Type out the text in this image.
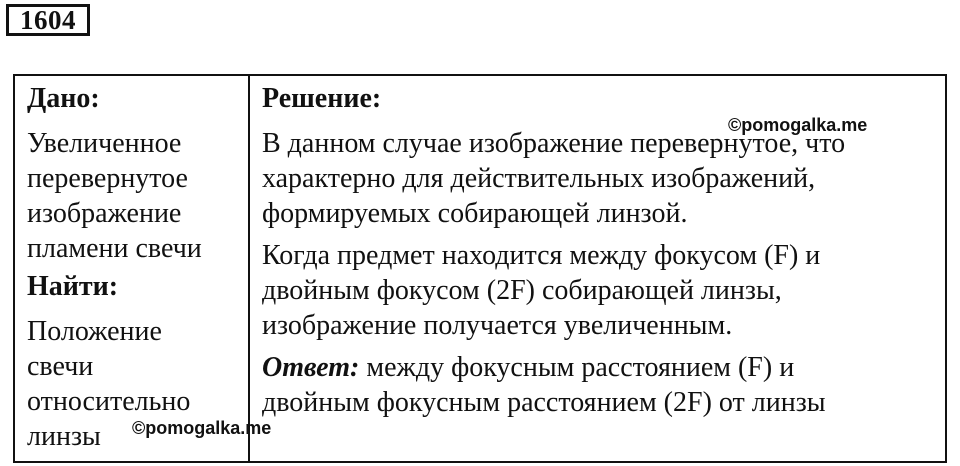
1604
Дано:
Увеличенное
перевернутое
изображение
пламени свечи
Найти:
Положение
свечи
относительно
линзы
Решение:
В данном случае изображение перевернутое, что
характерно для действительных изображений,
формируемых собирающей линзой.
Когда предмет находится между фокусом (F) и
двойным фокусом (2F) собирающей линзы,
изображение получается увеличенным.
Ответ: между фокусным расстоянием (F) и
двойным фокусным расстоянием (2F) от линзы
©pomogalka.me
©pomogalka.me
